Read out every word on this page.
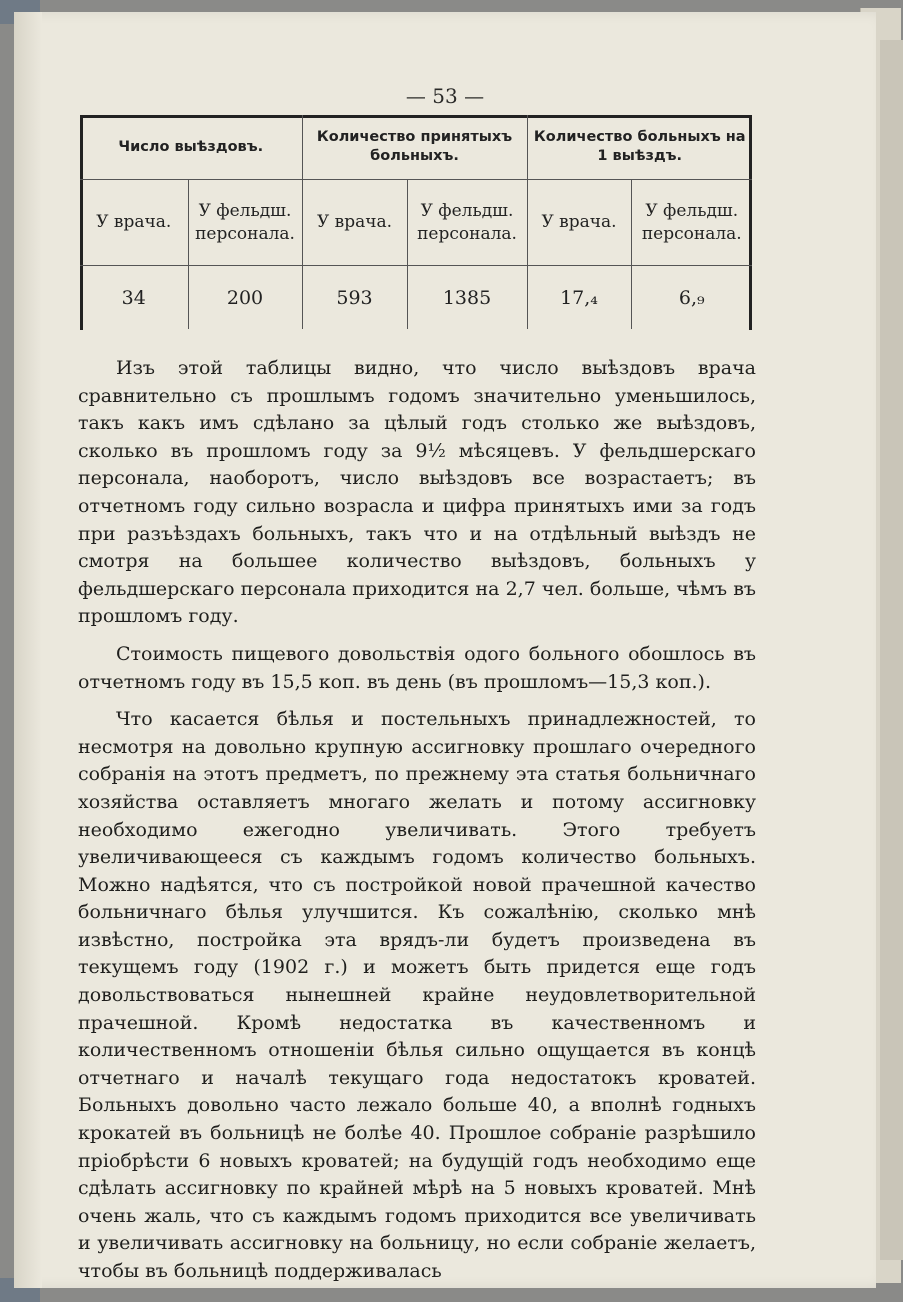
— 53 —
Число выѣздовъ.		Количество принятыхъ больныхъ.		Количество больныхъ на 1 выѣздъ.	
У врача.	У фельдш. персонала.	У врача.	У фельдш. персонала.	У врача.	У фельдш. персонала.
34	200	593	1385	17,₄	6,₉

Изъ этой таблицы видно, что число выѣздовъ врача сравнительно съ прошлымъ годомъ значительно уменьшилось, такъ какъ имъ сдѣлано за цѣлый годъ столько же выѣздовъ, сколько въ прошломъ году за 9½ мѣсяцевъ. У фельдшерскаго персонала, наоборотъ, число выѣздовъ все возрастаетъ; въ отчетномъ году сильно возрасла и цифра принятыхъ ими за годъ при разъѣздахъ больныхъ, такъ что и на отдѣльный выѣздъ не смотря на большее количество выѣздовъ, больныхъ у фельдшерскаго персонала приходится на 2,7 чел. больше, чѣмъ въ прошломъ году.

Стоимость пищевого довольствія одого больного обошлось въ отчетномъ году въ 15,5 коп. въ день (въ прошломъ—15,3 коп.).

Что касается бѣлья и постельныхъ принадлежностей, то несмотря на довольно крупную ассигновку прошлаго очередного собранія на этотъ предметъ, по прежнему эта статья больничнаго хозяйства оставляетъ многаго желать и потому ассигновку необходимо ежегодно увеличивать. Этого требуетъ увеличивающееся съ каждымъ годомъ количество больныхъ. Можно надѣятся, что съ постройкой новой прачешной качество больничнаго бѣлья улучшится. Къ сожалѣнію, сколько мнѣ извѣстно, постройка эта врядъ-ли будетъ произведена въ текущемъ году (1902 г.) и можетъ быть придется еще годъ довольствоваться нынешней крайне неудовлетворительной прачешной. Кромѣ недостатка въ качественномъ и количественномъ отношеніи бѣлья сильно ощущается въ концѣ отчетнаго и началѣ текущаго года недостатокъ кроватей. Больныхъ довольно часто лежало больше 40, а вполнѣ годныхъ крокатей въ больницѣ не болѣе 40. Прошлое собраніе разрѣшило пріобрѣсти 6 новыхъ кроватей; на будущій годъ необходимо еще сдѣлать ассигновку по крайней мѣрѣ на 5 новыхъ кроватей. Мнѣ очень жаль, что съ каждымъ годомъ приходится все увеличивать и увеличивать ассигновку на больницу, но если собраніе желаетъ, чтобы въ больницѣ поддерживалась
